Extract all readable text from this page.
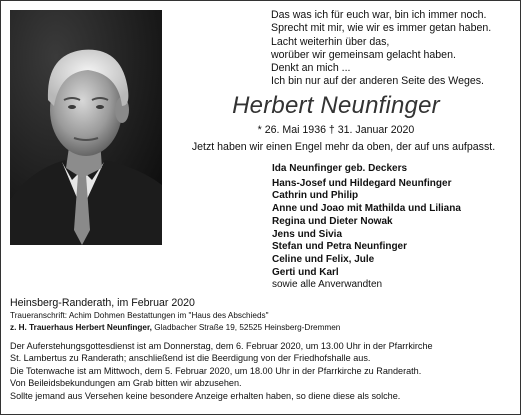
Das was ich für euch war, bin ich immer noch.
Sprecht mit mir, wie wir es immer getan haben.
Lacht weiterhin über das,
worüber wir gemeinsam gelacht haben.
Denkt an mich ...
Ich bin nur auf der anderen Seite des Weges.
Herbert Neunfinger
* 26. Mai 1936 † 31. Januar 2020
Jetzt haben wir einen Engel mehr da oben, der auf uns aufpasst.
Ida Neunfinger geb. Deckers
Hans-Josef und Hildegard Neunfinger
Cathrin und Philip
Anne und Joao mit Mathilda und Liliana
Regina und Dieter Nowak
Jens und Sivia
Stefan und Petra Neunfinger
Celine und Felix, Jule
Gerti und Karl
sowie alle Anverwandten
Heinsberg-Randerath, im Februar 2020
Traueranschrift: Achim Dohmen Bestattungen im "Haus des Abschieds"
z. H. Trauerhaus Herbert Neunfinger, Gladbacher Straße 19, 52525 Heinsberg-Dremmen
Der Auferstehungsgottesdienst ist am Donnerstag, dem 6. Februar 2020, um 13.00 Uhr in der Pfarrkirche
St. Lambertus zu Randerath; anschließend ist die Beerdigung von der Friedhofshalle aus.
Die Totenwache ist am Mittwoch, dem 5. Februar 2020, um 18.00 Uhr in der Pfarrkirche zu Randerath.
Von Beileidsbekundungen am Grab bitten wir abzusehen.
Sollte jemand aus Versehen keine besondere Anzeige erhalten haben, so diene diese als solche.
